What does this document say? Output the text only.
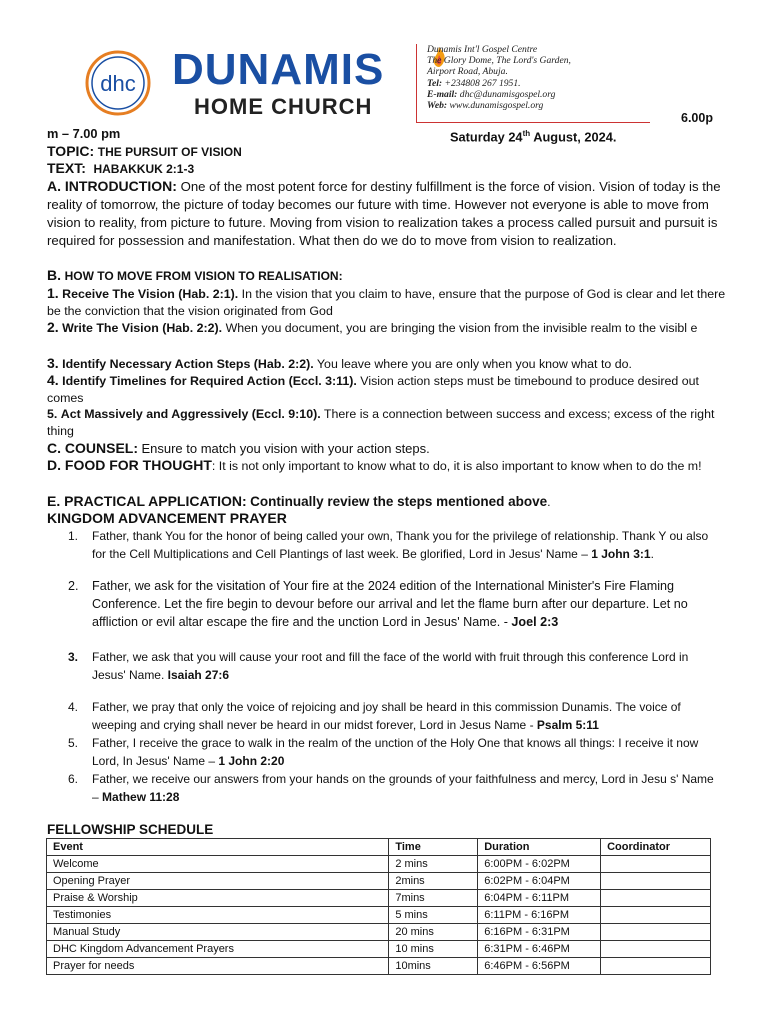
dhc DUNAMIS
HOME CHURCH
Dunamis Int'l Gospel Centre
The Glory Dome, The Lord's Garden,
Airport Road, Abuja.
Tel: +234808 267 1951.
E-mail: dhc@dunamisgospel.org
Web: www.dunamisgospel.org
6.00p
m – 7.00 pm	Saturday 24th August, 2024.
TOPIC: THE PURSUIT OF VISION
TEXT: HABAKKUK 2:1-3
A. INTRODUCTION: One of the most potent force for destiny fulfillment is the force of vision. Vision of today is the reality of tomorrow, the picture of today becomes our future with time. However not everyone is able to move from vision to reality, from picture to future. Moving from vision to realization takes a process called pursuit and pursuit is required for possession and manifestation. What then do we do to move from vision to realization.
B. HOW TO MOVE FROM VISION TO REALISATION:
1. Receive The Vision (Hab. 2:1). In the vision that you claim to have, ensure that the purpose of God is clear and let there be the conviction that the vision originated from God
2. Write The Vision (Hab. 2:2). When you document, you are bringing the vision from the invisible realm to the visibl e
3. Identify Necessary Action Steps (Hab. 2:2). You leave where you are only when you know what to do.
4. Identify Timelines for Required Action (Eccl. 3:11). Vision action steps must be timebound to produce desired out comes
5. Act Massively and Aggressively (Eccl. 9:10). There is a connection between success and excess; excess of the right thing
C. COUNSEL: Ensure to match you vision with your action steps.
D. FOOD FOR THOUGHT: It is not only important to know what to do, it is also important to know when to do the m!
E. PRACTICAL APPLICATION: Continually review the steps mentioned above.
KINGDOM ADVANCEMENT PRAYER
1. Father, thank You for the honor of being called your own, Thank you for the privilege of relationship. Thank Y ou also for the Cell Multiplications and Cell Plantings of last week. Be glorified, Lord in Jesus' Name – 1 John 3:1.
2. Father, we ask for the visitation of Your fire at the 2024 edition of the International Minister's Fire Flaming Conference. Let the fire begin to devour before our arrival and let the flame burn after our departure. Let no affliction or evil altar escape the fire and the unction Lord in Jesus' Name. - Joel 2:3
3. Father, we ask that you will cause your root and fill the face of the world with fruit through this conference Lord in Jesus' Name. Isaiah 27:6
4. Father, we pray that only the voice of rejoicing and joy shall be heard in this commission Dunamis. The voice of weeping and crying shall never be heard in our midst forever, Lord in Jesus Name - Psalm 5:11
5. Father, I receive the grace to walk in the realm of the unction of the Holy One that knows all things: I receive it now Lord, In Jesus' Name – 1 John 2:20
6. Father, we receive our answers from your hands on the grounds of your faithfulness and mercy, Lord in Jesu s' Name – Mathew 11:28
FELLOWSHIP SCHEDULE
Event	Time	Duration	Coordinator
Welcome	2 mins	6:00PM - 6:02PM	
Opening Prayer	2mins	6:02PM - 6:04PM	
Praise & Worship	7mins	6:04PM - 6:11PM	
Testimonies	5 mins	6:11PM - 6:16PM	
Manual Study	20 mins	6:16PM - 6:31PM	
DHC Kingdom Advancement Prayers	10 mins	6:31PM - 6:46PM	
Prayer for needs	10mins	6:46PM - 6:56PM	
